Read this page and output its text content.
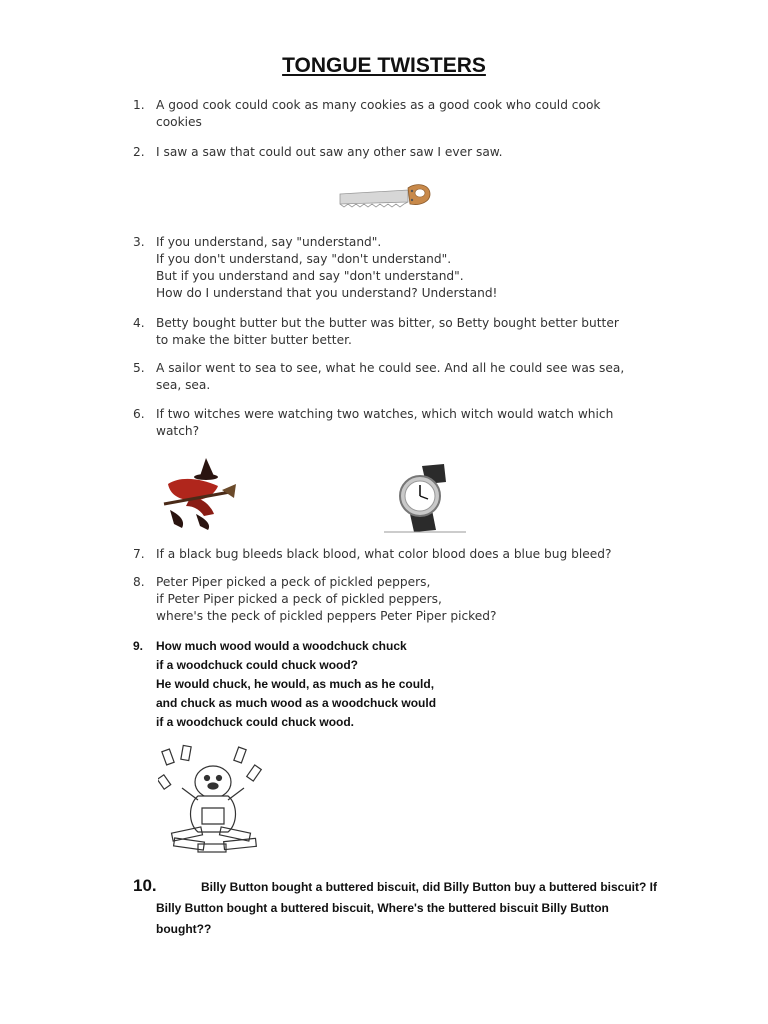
TONGUE TWISTERS
1. A good cook could cook as many cookies as a good cook who could cook
cookies
2. I saw a saw that could out saw any other saw I ever saw.
3. If you understand, say "understand".
If you don't understand, say "don't understand".
But if you understand and say "don't understand".
How do I understand that you understand? Understand!
4. Betty bought butter but the butter was bitter, so Betty bought better butter
to make the bitter butter better.
5. A sailor went to sea to see, what he could see. And all he could see was sea,
sea, sea.
6. If two witches were watching two watches, which witch would watch which
watch?
7. If a black bug bleeds black blood, what color blood does a blue bug bleed?
8. Peter Piper picked a peck of pickled peppers,
if Peter Piper picked a peck of pickled peppers,
where's the peck of pickled peppers Peter Piper picked?
9.	How much wood would a woodchuck chuck
if a woodchuck could chuck wood?
He would chuck, he would, as much as he could,
and chuck as much wood as a woodchuck would
if a woodchuck could chuck wood.
10.	Billy Button bought a buttered biscuit, did Billy Button buy a buttered biscuit? If
Billy Button bought a buttered biscuit, Where's the buttered biscuit Billy Button
bought??
